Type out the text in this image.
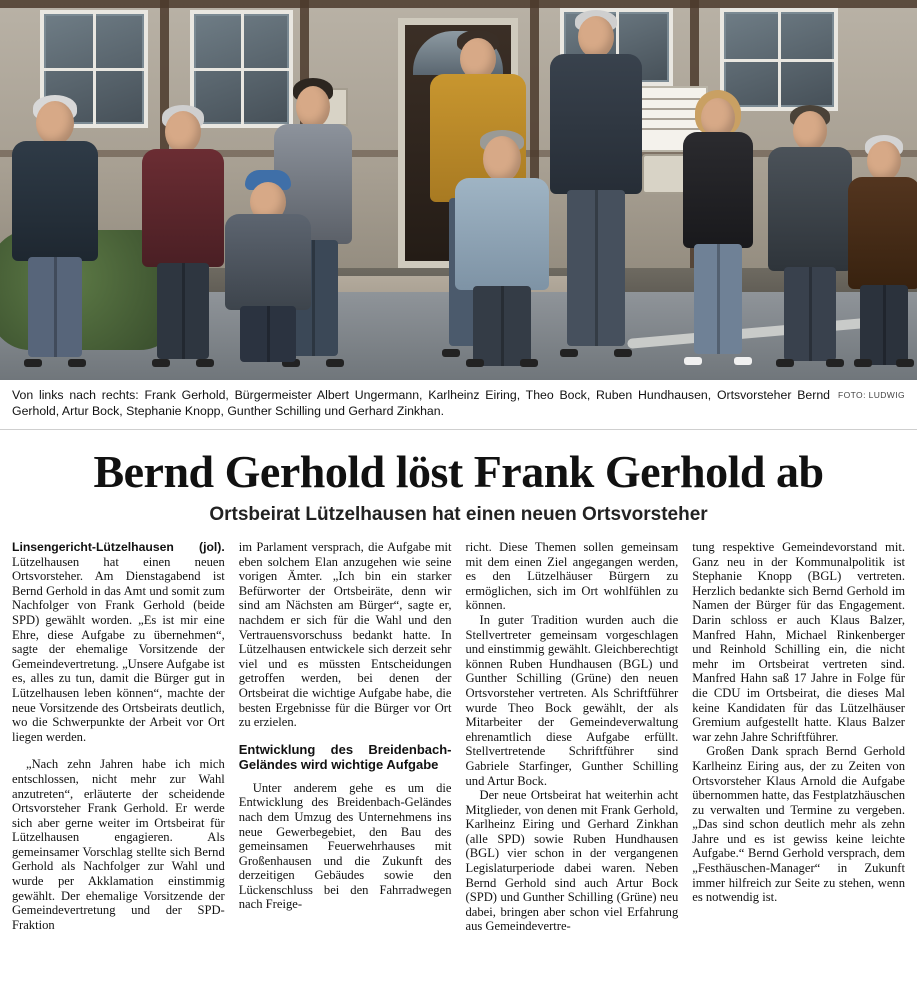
FOTO: LUDWIG
Von links nach rechts: Frank Gerhold, Bürgermeister Albert Ungermann, Karlheinz Eiring, Theo Bock, Ruben Hundhausen, Ortsvorsteher Bernd Gerhold, Artur Bock, Stephanie Knopp, Gunther Schilling und Gerhard Zinkhan.
Bernd Gerhold löst Frank Gerhold ab
Ortsbeirat Lützelhausen hat einen neuen Ortsvorsteher

Linsengericht-Lützelhausen (jol). Lützelhausen hat einen neuen Ortsvorsteher. Am Dienstagabend ist Bernd Gerhold in das Amt und somit zum Nachfolger von Frank Gerhold (beide SPD) gewählt worden. „Es ist mir eine Ehre, diese Aufgabe zu übernehmen“, sagte der ehemalige Vorsitzende der Gemeindevertretung. „Unsere Aufgabe ist es, alles zu tun, damit die Bürger gut in Lützelhausen leben können“, machte der neue Vorsitzende des Ortsbeirats deutlich, wo die Schwerpunkte der Arbeit vor Ort liegen werden.

„Nach zehn Jahren habe ich mich entschlossen, nicht mehr zur Wahl anzutreten“, erläuterte der scheidende Ortsvorsteher Frank Gerhold. Er werde sich aber gerne weiter im Ortsbeirat für Lützelhausen engagieren. Als gemeinsamer Vorschlag stellte sich Bernd Gerhold als Nachfolger zur Wahl und wurde per Akklamation einstimmig gewählt. Der ehemalige Vorsitzende der Gemeindevertretung und der SPD-Fraktion

im Parlament versprach, die Aufgabe mit eben solchem Elan anzugehen wie seine vorigen Ämter. „Ich bin ein starker Befürworter der Ortsbeiräte, denn wir sind am Nächsten am Bürger“, sagte er, nachdem er sich für die Wahl und den Vertrauensvorschuss bedankt hatte. In Lützelhausen entwickele sich derzeit sehr viel und es müssten Entscheidungen getroffen werden, bei denen der Ortsbeirat die wichtige Aufgabe habe, die besten Ergebnisse für die Bürger vor Ort zu erzielen.

Entwicklung des Breidenbach-Geländes wird wichtige Aufgabe

Unter anderem gehe es um die Entwicklung des Breidenbach-Geländes nach dem Umzug des Unternehmens ins neue Gewerbegebiet, den Bau des gemeinsamen Feuerwehrhauses mit Großenhausen und die Zukunft des derzeitigen Gebäudes sowie den Lückenschluss bei den Fahrradwegen nach Freige-

richt. Diese Themen sollen gemeinsam mit dem einen Ziel angegangen werden, es den Lützelhäuser Bürgern zu ermöglichen, sich im Ort wohlfühlen zu können.

In guter Tradition wurden auch die Stellvertreter gemeinsam vorgeschlagen und einstimmig gewählt. Gleichberechtigt können Ruben Hundhausen (BGL) und Gunther Schilling (Grüne) den neuen Ortsvorsteher vertreten. Als Schriftführer wurde Theo Bock gewählt, der als Mitarbeiter der Gemeindeverwaltung ehrenamtlich diese Aufgabe erfüllt. Stellvertretende Schriftführer sind Gabriele Starfinger, Gunther Schilling und Artur Bock.

Der neue Ortsbeirat hat weiterhin acht Mitglieder, von denen mit Frank Gerhold, Karlheinz Eiring und Gerhard Zinkhan (alle SPD) sowie Ruben Hundhausen (BGL) vier schon in der vergangenen Legislaturperiode dabei waren. Neben Bernd Gerhold sind auch Artur Bock (SPD) und Gunther Schilling (Grüne) neu dabei, bringen aber schon viel Erfahrung aus Gemeindevertre-

tung respektive Gemeindevorstand mit. Ganz neu in der Kommunalpolitik ist Stephanie Knopp (BGL) vertreten. Herzlich bedankte sich Bernd Gerhold im Namen der Bürger für das Engagement. Darin schloss er auch Klaus Balzer, Manfred Hahn, Michael Rinkenberger und Reinhold Schilling ein, die nicht mehr im Ortsbeirat vertreten sind. Manfred Hahn saß 17 Jahre in Folge für die CDU im Ortsbeirat, die dieses Mal keine Kandidaten für das Lützelhäuser Gremium aufgestellt hatte. Klaus Balzer war zehn Jahre Schriftführer.

Großen Dank sprach Bernd Gerhold Karlheinz Eiring aus, der zu Zeiten von Ortsvorsteher Klaus Arnold die Aufgabe übernommen hatte, das Festplatzhäuschen zu verwalten und Termine zu vergeben. „Das sind schon deutlich mehr als zehn Jahre und es ist gewiss keine leichte Aufgabe.“ Bernd Gerhold versprach, dem „Festhäuschen-Manager“ in Zukunft immer hilfreich zur Seite zu stehen, wenn es notwendig ist.
